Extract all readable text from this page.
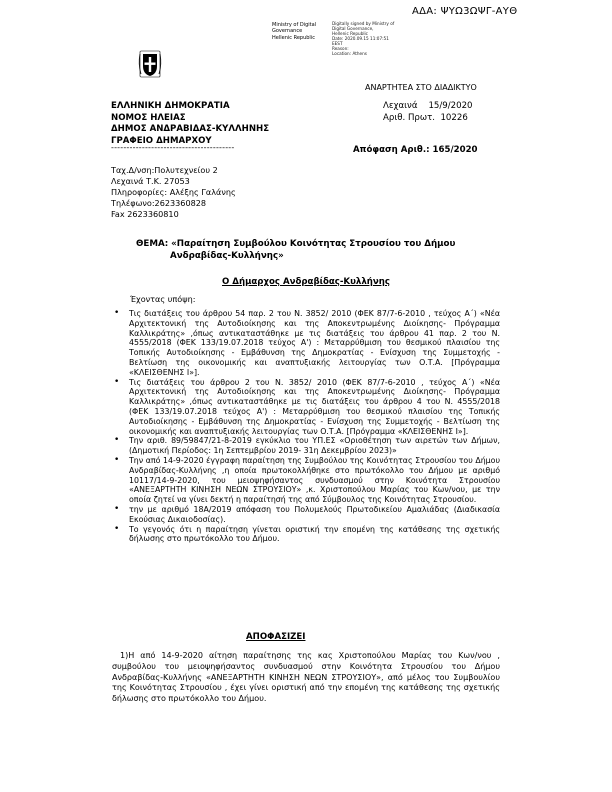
ΑΔΑ: ΨΥΩ3ΩΨΓ-ΑΥΘ
Ministry of Digital
Governance
Hellenic Republic
Digitally signed by Ministry of
Digital Governance,
Hellenic Republic
Date: 2020.09.15 11:07:51
EEST
Reason:
Location: Athens
ΑΝΑΡΤΗΤΕΑ ΣΤΟ ΔΙΑΔΙΚΤΥΟ
ΕΛΛΗΝΙΚΗ ΔΗΜΟΚΡΑΤΙΑ
ΝΟΜΟΣ ΗΛΕΙΑΣ
ΔΗΜΟΣ ΑΝΔΡΑΒΙΔΑΣ-ΚΥΛΛΗΝΗΣ
ΓΡΑΦΕΙΟ ΔΗΜΑΡΧΟΥ
----------------------------------------
Λεχαινά    15/9/2020
Αριθ. Πρωτ.  10226
Απόφαση Αριθ.: 165/2020
Ταχ.Δ/νση:Πολυτεχνείου 2
Λεχαινά Τ.Κ. 27053
Πληροφορίες: Αλέξης Γαλάνης
Τηλέφωνο:2623360828
Fax 2623360810
ΘΕΜΑ: «Παραίτηση Συμβούλου Κοινότητας Στρουσίου του Δήμου
Ανδραβίδας-Κυλλήνης»
Ο Δήμαρχος Ανδραβίδας-Κυλλήνης
Έχοντας υπόψη:
• Τις διατάξεις του άρθρου 54 παρ. 2 του Ν. 3852/ 2010 (ΦΕΚ 87/7-6-2010 , τεύχος Α΄) «Νέα Αρχιτεκτονική της Αυτοδιοίκησης και της Αποκεντρωμένης Διοίκησης- Πρόγραμμα Καλλικράτης» ,όπως αντικαταστάθηκε με τις διατάξεις του άρθρου 41 παρ. 2 του Ν. 4555/2018 (ΦΕΚ 133/19.07.2018 τεύχος Α') : Μεταρρύθμιση του θεσμικού πλαισίου της Τοπικής Αυτοδιοίκησης - Εμβάθυνση της Δημοκρατίας - Ενίσχυση της Συμμετοχής - Βελτίωση της οικονομικής και αναπτυξιακής λειτουργίας των Ο.Τ.Α. [Πρόγραμμα «ΚΛΕΙΣΘΕΝΗΣ Ι»].
• Τις διατάξεις του άρθρου 2 του Ν. 3852/ 2010 (ΦΕΚ 87/7-6-2010 , τεύχος Α΄) «Νέα Αρχιτεκτονική της Αυτοδιοίκησης και της Αποκεντρωμένης Διοίκησης- Πρόγραμμα Καλλικράτης» ,όπως αντικαταστάθηκε με τις διατάξεις του άρθρου 4 του Ν. 4555/2018 (ΦΕΚ 133/19.07.2018 τεύχος Α') : Μεταρρύθμιση του θεσμικού πλαισίου της Τοπικής Αυτοδιοίκησης - Εμβάθυνση της Δημοκρατίας - Ενίσχυση της Συμμετοχής - Βελτίωση της οικονομικής και αναπτυξιακής λειτουργίας των Ο.Τ.Α. [Πρόγραμμα «ΚΛΕΙΣΘΕΝΗΣ Ι»].
• Την αριθ. 89/59847/21-8-2019 εγκύκλιο του ΥΠ.ΕΣ «Οριοθέτηση των αιρετών των Δήμων, (Δημοτική Περίοδος: 1η Σεπτεμβρίου 2019- 31η Δεκεμβρίου 2023)»
• Την από 14-9-2020 έγγραφη παραίτηση της Συμβούλου της Κοινότητας Στρουσίου του Δήμου Ανδραβίδας-Κυλλήνης ,η οποία πρωτοκολλήθηκε στο πρωτόκολλο του Δήμου με αριθμό 10117/14-9-2020, του μειοψηφήσαντος συνδυασμού στην Κοινότητα Στρουσίου «ΑΝΕΞΑΡΤΗΤΗ ΚΙΝΗΣΗ ΝΕΩΝ ΣΤΡΟΥΣΙΟΥ» ,κ. Χριστοπούλου Μαρίας του Κων/νου, με την οποία ζητεί να γίνει δεκτή η παραίτησή της από Σύμβουλος της Κοινότητας Στρουσίου.
• την με αριθμό 18Α/2019 απόφαση του Πολυμελούς Πρωτοδικείου Αμαλιάδας (Διαδικασία Εκούσιας Δικαιοδοσίας).
• Το γεγονός ότι η παραίτηση γίνεται οριστική την επομένη της κατάθεσης της σχετικής δήλωσης στο πρωτόκολλο του Δήμου.
ΑΠΟΦΑΣΙΖΕΙ

1)Η από 14-9-2020 αίτηση παραίτησης της κας Χριστοπούλου Μαρίας του Κων/νου , συμβούλου του μειοψηφήσαντος συνδυασμού στην Κοινότητα Στρουσίου του Δήμου Ανδραβίδας-Κυλλήνης «ΑΝΕΞΑΡΤΗΤΗ ΚΙΝΗΣΗ ΝΕΩΝ ΣΤΡΟΥΣΙΟΥ», από μέλος του Συμβουλίου της Κοινότητας Στρουσίου , έχει γίνει οριστική από την επομένη της κατάθεσης της σχετικής δήλωσης στο πρωτόκολλο του Δήμου.
